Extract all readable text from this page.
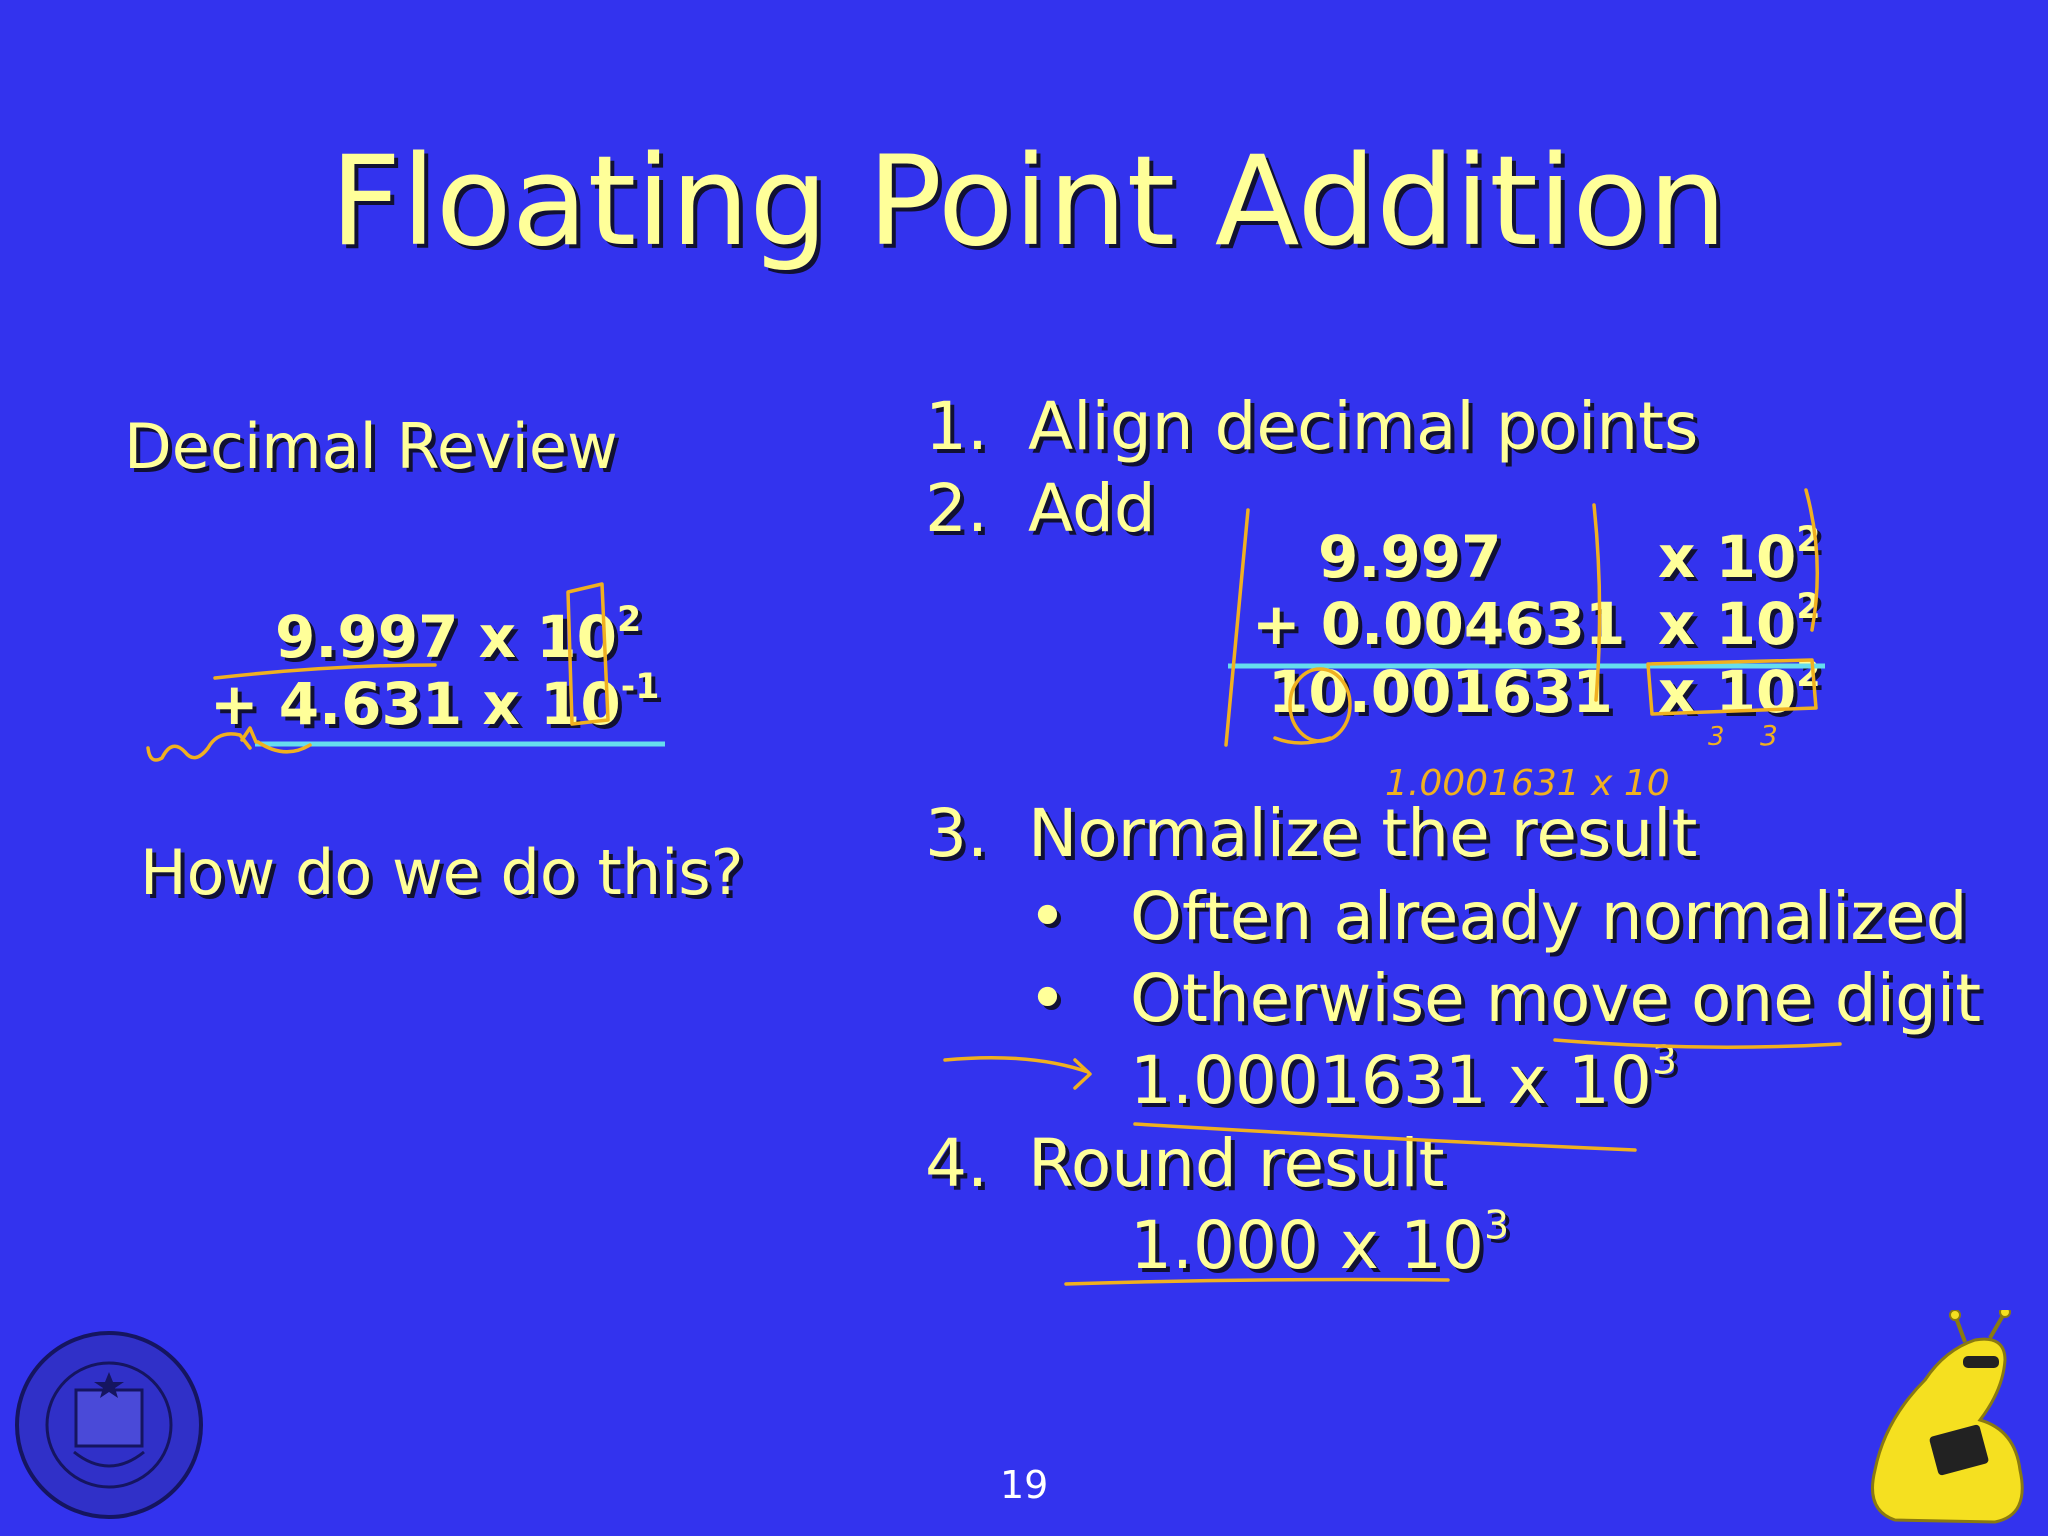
Floating Point Addition
Decimal Review
9.997 x $10^2$
+ 4.631 x $10^{-1}$
How do we do this?
1. Align decimal points
2. Add
9.997	x $10^2$
+ 0.004631 x $10^2$
10.001631 x $10^2$
3. Normalize the result
• Often already normalized
• Otherwise move one digit
1.0001631 x $10^3$
4. Round result
1.000 x $10^3$
1.0001631 x 10
3 3
19
